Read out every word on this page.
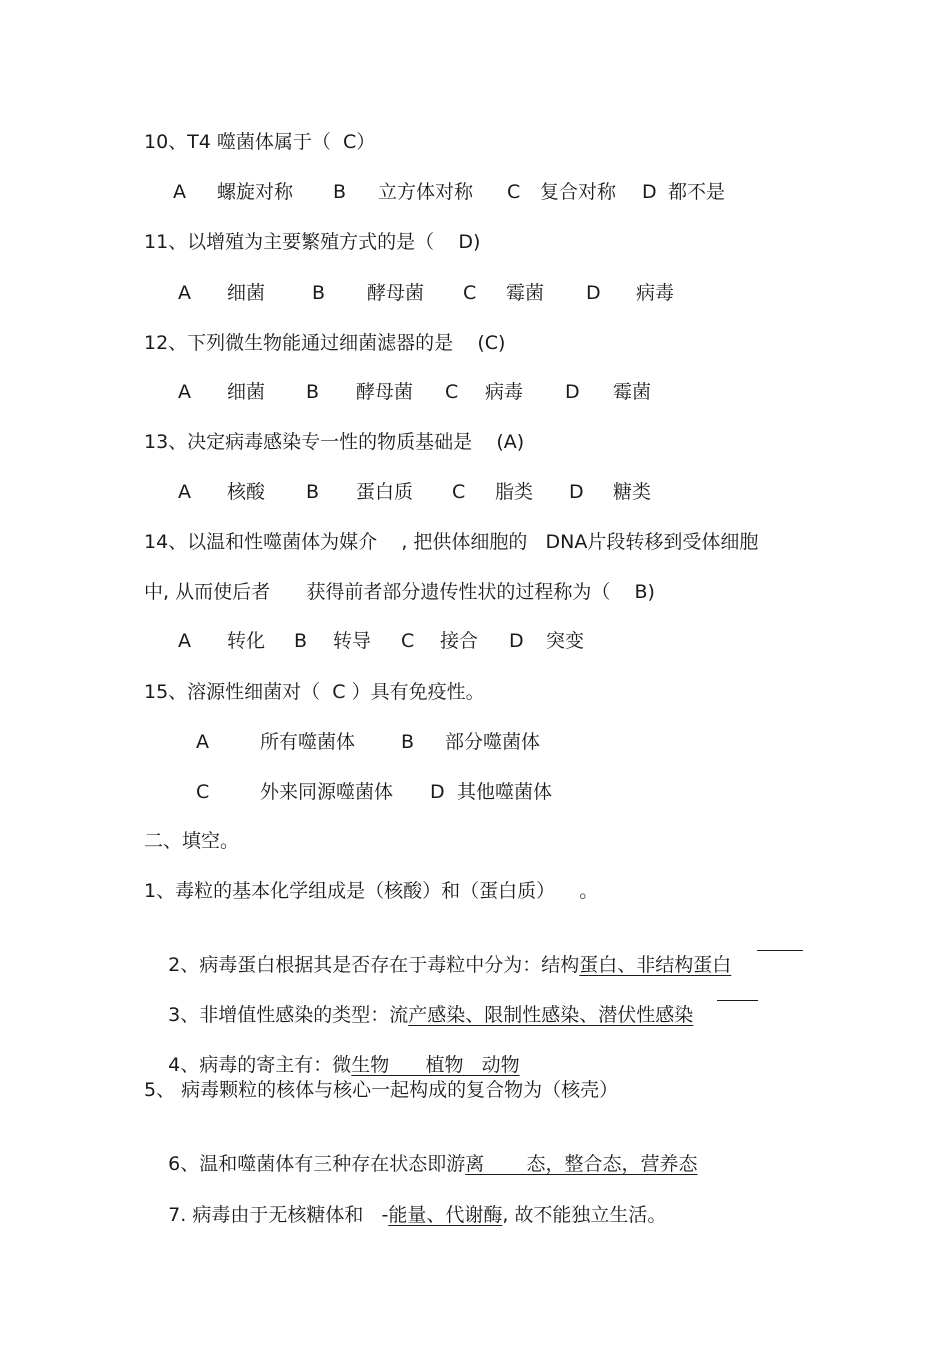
10、T4 噬菌体属于（  C）
A 螺旋对称 B 立方体对称 C 复合对称 D 都不是
11、以增殖为主要繁殖方式的是（    D)
A 细菌 B 酵母菌 C 霉菌 D 病毒
12、下列微生物能通过细菌滤器的是    (C)
A 细菌 B 酵母菌 C 病毒 D 霉菌
13、决定病毒感染专一性的物质基础是    (A)
A 核酸 B 蛋白质 C 脂类 D 糖类
14、以温和性噬菌体为媒介    , 把供体细胞的   DNA片段转移到受体细胞
中, 从而使后者      获得前者部分遗传性状的过程称为（    B)
A 转化 B 转导 C 接合 D 突变
15、溶源性细菌对（  C ）具有免疫性。
A	所有噬菌体 B 部分噬菌体
C	外来同源噬菌体 D 其他噬菌体
二、填空。
1、毒粒的基本化学组成是（核酸）和（蛋白质）    。

2、病毒蛋白根据其是否存在于毒粒中分为：结构蛋白、非结构蛋白

3、非增值性感染的类型：流产感染、限制性感染、潜伏性感染

4、病毒的寄主有：微生物      植物   动物

5、 病毒颗粒的核体与核心一起构成的复合物为（核壳）

6、温和噬菌体有三种存在状态即游离       态，整合态，营养态

7. 病毒由于无核糖体和   -能量、代谢酶, 故不能独立生活。
